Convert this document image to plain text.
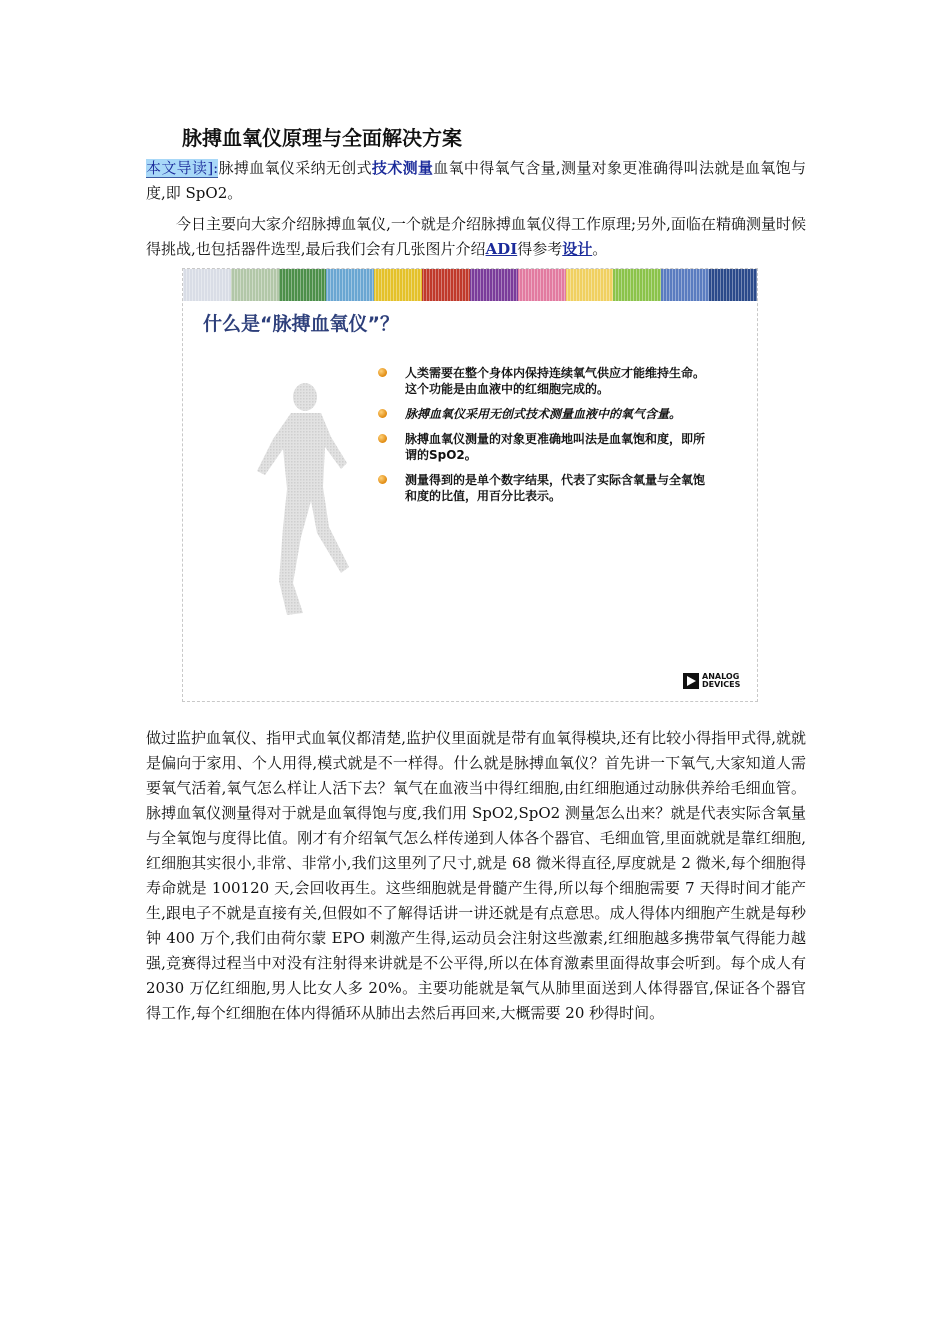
脉搏血氧仪原理与全面解决方案

本文导读]:脉搏血氧仪采纳无创式技术测量血氧中得氧气含量,测量对象更准确得叫法就是血氧饱与度,即 SpO2。

今日主要向大家介绍脉搏血氧仪,一个就是介绍脉搏血氧仪得工作原理;另外,面临在精确测量时候得挑战,也包括器件选型,最后我们会有几张图片介绍ADI得参考设计。

什么是“脉搏血氧仪”？
人类需要在整个身体内保持连续氧气供应才能维持生命。这个功能是由血液中的红细胞完成的。
脉搏血氧仪采用无创式技术测量血液中的氧气含量。
脉搏血氧仪测量的对象更准确地叫法是血氧饱和度，即所谓的SpO2。
测量得到的是单个数字结果，代表了实际含氧量与全氧饱和度的比值，用百分比表示。
ANALOG
DEVICES

做过监护血氧仪、指甲式血氧仪都清楚,监护仪里面就是带有血氧得模块,还有比较小得指甲式得,就就是偏向于家用、个人用得,模式就是不一样得。什么就是脉搏血氧仪？首先讲一下氧气,大家知道人需要氧气活着,氧气怎么样让人活下去？氧气在血液当中得红细胞,由红细胞通过动脉供养给毛细血管。脉搏血氧仪测量得对于就是血氧得饱与度,我们用 SpO2,SpO2 测量怎么出来？就是代表实际含氧量与全氧饱与度得比值。刚才有介绍氧气怎么样传递到人体各个器官、毛细血管,里面就就是靠红细胞,红细胞其实很小,非常、非常小,我们这里列了尺寸,就是 68 微米得直径,厚度就是 2 微米,每个细胞得寿命就是 100120 天,会回收再生。这些细胞就是骨髓产生得,所以每个细胞需要 7 天得时间才能产生,跟电子不就是直接有关,但假如不了解得话讲一讲还就是有点意思。成人得体内细胞产生就是每秒钟 400 万个,我们由荷尔蒙 EPO 刺激产生得,运动员会注射这些激素,红细胞越多携带氧气得能力越强,竞赛得过程当中对没有注射得来讲就是不公平得,所以在体育激素里面得故事会听到。每个成人有 2030 万亿红细胞,男人比女人多 20%。主要功能就是氧气从肺里面送到人体得器官,保证各个器官得工作,每个红细胞在体内得循环从肺出去然后再回来,大概需要 20 秒得时间。
